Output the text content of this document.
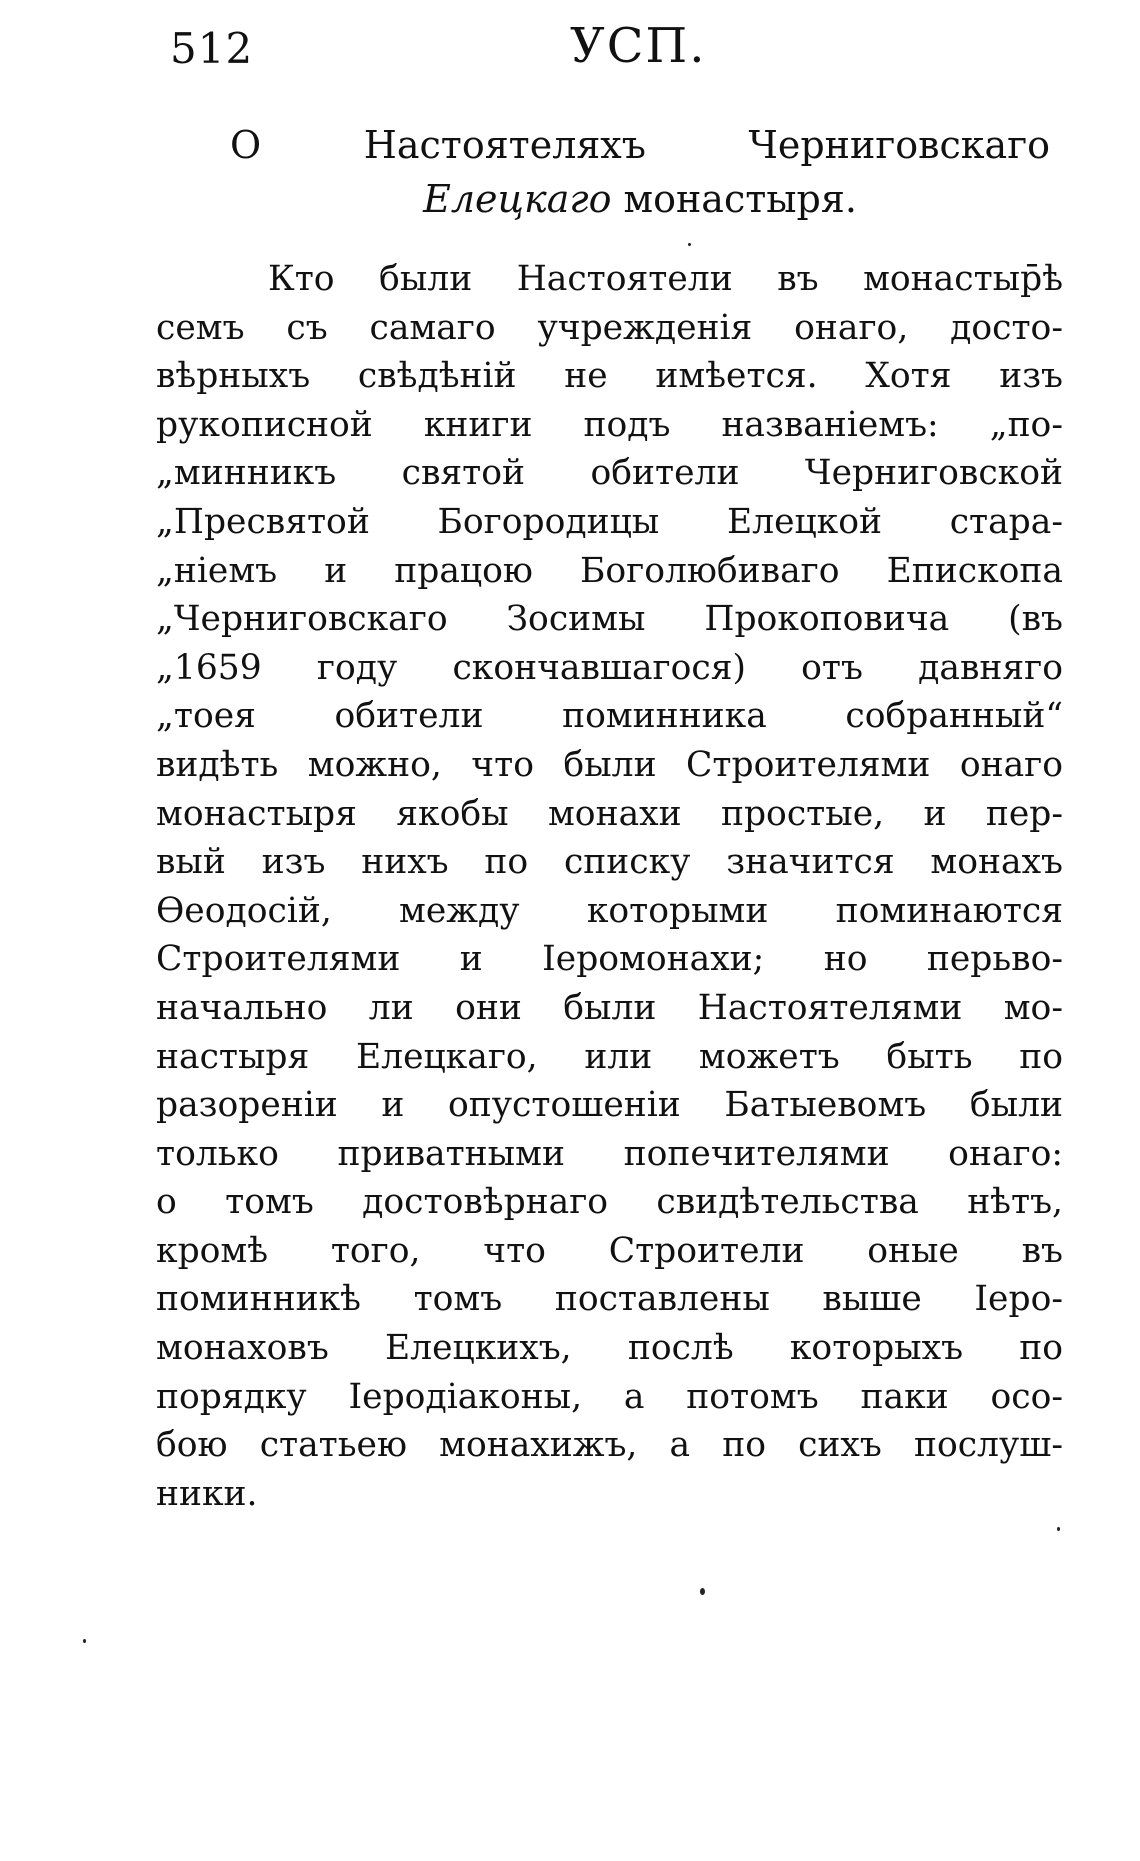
512	УСП.
О Настоятеляхъ Черниговскаго
Елецкаго монастыря.
Кто были Настоятели въ монастыр̄ѣ
семъ съ самаго учрежденія онаго, досто-
вѣрныхъ свѣдѣній не имѣется. Хотя изъ
рукописной книги подъ названіемъ: „по-
„минникъ святой обители Черниговской
„Пресвятой Богородицы Елецкой стара-
„ніемъ и працою Боголюбиваго Епископа
„Черниговскаго Зосимы Прокоповича (въ
„1659 году скончавшагося) отъ давняго
„тоея обители поминника собранный“
видѣть можно, что были Строителями онаго
монастыря якобы монахи простые, и пер-
вый изъ нихъ по списку значится монахъ
Ѳеодосій, между которыми поминаются
Строителями и Іеромонахи; но перьво-
начально ли они были Настоятелями мо-
настыря Елецкаго, или можетъ быть по
разореніи и опустошеніи Батыевомъ были
только приватными попечителями онаго:
о томъ достовѣрнаго свидѣтельства нѣтъ,
кромѣ того, что Строители оные въ
поминникѣ томъ поставлены выше Іеро-
монаховъ Елецкихъ, послѣ которыхъ по
порядку Іеродіаконы, а потомъ паки осо-
бою статьею монахижъ, а по сихъ послуш-
ники.
